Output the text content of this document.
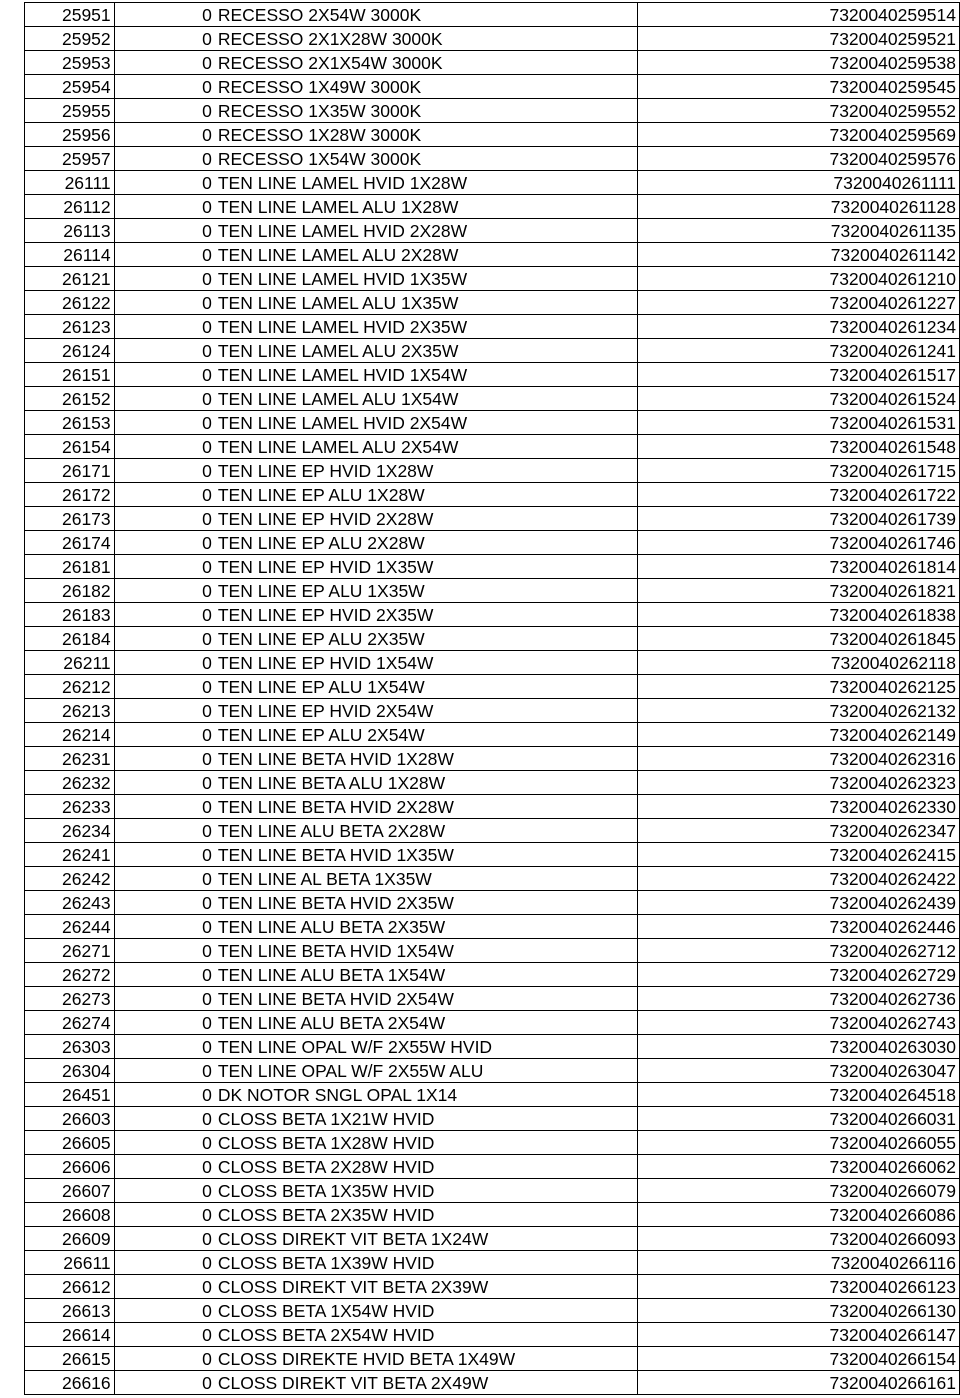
25951	0	RECESSO 2X54W 3000K	7320040259514
25952	0	RECESSO 2X1X28W 3000K	7320040259521
25953	0	RECESSO 2X1X54W 3000K	7320040259538
25954	0	RECESSO 1X49W 3000K	7320040259545
25955	0	RECESSO 1X35W 3000K	7320040259552
25956	0	RECESSO 1X28W 3000K	7320040259569
25957	0	RECESSO 1X54W 3000K	7320040259576
26111	0	TEN LINE LAMEL HVID 1X28W	7320040261111
26112	0	TEN LINE LAMEL ALU 1X28W	7320040261128
26113	0	TEN LINE LAMEL HVID 2X28W	7320040261135
26114	0	TEN LINE LAMEL ALU 2X28W	7320040261142
26121	0	TEN LINE LAMEL HVID 1X35W	7320040261210
26122	0	TEN LINE LAMEL ALU 1X35W	7320040261227
26123	0	TEN LINE LAMEL HVID 2X35W	7320040261234
26124	0	TEN LINE LAMEL ALU 2X35W	7320040261241
26151	0	TEN LINE LAMEL HVID 1X54W	7320040261517
26152	0	TEN LINE LAMEL ALU 1X54W	7320040261524
26153	0	TEN LINE LAMEL HVID 2X54W	7320040261531
26154	0	TEN LINE LAMEL ALU 2X54W	7320040261548
26171	0	TEN LINE EP HVID 1X28W	7320040261715
26172	0	TEN LINE EP ALU 1X28W	7320040261722
26173	0	TEN LINE EP HVID 2X28W	7320040261739
26174	0	TEN LINE EP ALU 2X28W	7320040261746
26181	0	TEN LINE EP HVID 1X35W	7320040261814
26182	0	TEN LINE EP ALU 1X35W	7320040261821
26183	0	TEN LINE EP HVID 2X35W	7320040261838
26184	0	TEN LINE EP ALU 2X35W	7320040261845
26211	0	TEN LINE EP HVID 1X54W	7320040262118
26212	0	TEN LINE EP ALU 1X54W	7320040262125
26213	0	TEN LINE EP HVID 2X54W	7320040262132
26214	0	TEN LINE EP ALU 2X54W	7320040262149
26231	0	TEN LINE BETA HVID 1X28W	7320040262316
26232	0	TEN LINE BETA ALU 1X28W	7320040262323
26233	0	TEN LINE BETA HVID 2X28W	7320040262330
26234	0	TEN LINE ALU BETA 2X28W	7320040262347
26241	0	TEN LINE BETA HVID 1X35W	7320040262415
26242	0	TEN LINE AL BETA 1X35W	7320040262422
26243	0	TEN LINE BETA HVID 2X35W	7320040262439
26244	0	TEN LINE ALU BETA 2X35W	7320040262446
26271	0	TEN LINE BETA HVID 1X54W	7320040262712
26272	0	TEN LINE ALU BETA 1X54W	7320040262729
26273	0	TEN LINE BETA HVID 2X54W	7320040262736
26274	0	TEN LINE ALU BETA 2X54W	7320040262743
26303	0	TEN LINE OPAL W/F 2X55W HVID	7320040263030
26304	0	TEN LINE OPAL W/F 2X55W ALU	7320040263047
26451	0	DK NOTOR SNGL OPAL 1X14	7320040264518
26603	0	CLOSS BETA 1X21W HVID	7320040266031
26605	0	CLOSS BETA 1X28W HVID	7320040266055
26606	0	CLOSS BETA 2X28W HVID	7320040266062
26607	0	CLOSS BETA 1X35W HVID	7320040266079
26608	0	CLOSS BETA 2X35W HVID	7320040266086
26609	0	CLOSS DIREKT VIT BETA 1X24W	7320040266093
26611	0	CLOSS BETA 1X39W HVID	7320040266116
26612	0	CLOSS DIREKT VIT BETA 2X39W	7320040266123
26613	0	CLOSS BETA 1X54W HVID	7320040266130
26614	0	CLOSS BETA 2X54W HVID	7320040266147
26615	0	CLOSS DIREKTE HVID BETA 1X49W	7320040266154
26616	0	CLOSS DIREKT VIT BETA 2X49W	7320040266161
